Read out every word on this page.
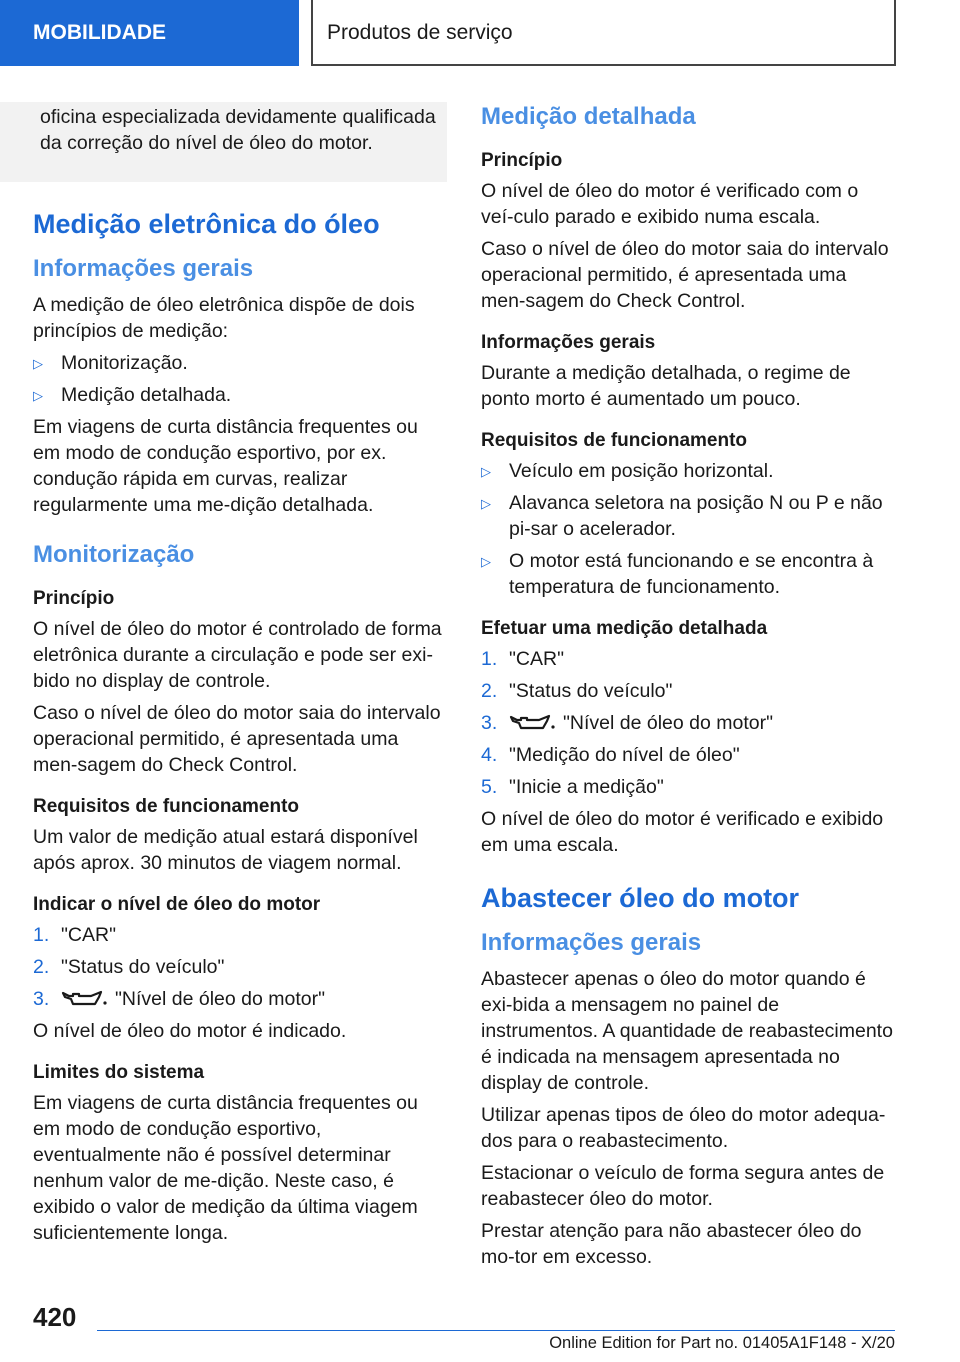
MOBILIDADE	Produtos de serviço

oficina especializada devidamente qualificada da correção do nível de óleo do motor.

Medição eletrônica do óleo
Informações gerais

A medição de óleo eletrônica dispõe de dois princípios de medição:

▷ Monitorização.
▷ Medição detalhada.

Em viagens de curta distância frequentes ou em modo de condução esportivo, por ex. condução rápida em curvas, realizar regularmente uma me‐dição detalhada.

Monitorização
Princípio

O nível de óleo do motor é controlado de forma eletrônica durante a circulação e pode ser exi‐bido no display de controle.

Caso o nível de óleo do motor saia do intervalo operacional permitido, é apresentada uma men‐sagem do Check Control.

Requisitos de funcionamento

Um valor de medição atual estará disponível após aprox. 30 minutos de viagem normal.

Indicar o nível de óleo do motor
1. "CAR"
2. "Status do veículo"
3.	"Nível de óleo do motor"

O nível de óleo do motor é indicado.

Limites do sistema

Em viagens de curta distância frequentes ou em modo de condução esportivo, eventualmente não é possível determinar nenhum valor de me‐dição. Neste caso, é exibido o valor de medição da última viagem suficientemente longa.

Medição detalhada
Princípio

O nível de óleo do motor é verificado com o veí‐culo parado e exibido numa escala.

Caso o nível de óleo do motor saia do intervalo operacional permitido, é apresentada uma men‐sagem do Check Control.

Informações gerais

Durante a medição detalhada, o regime de ponto morto é aumentado um pouco.

Requisitos de funcionamento
▷ Veículo em posição horizontal.
▷ Alavanca seletora na posição N ou P e não pi‐sar o acelerador.
▷ O motor está funcionando e se encontra à temperatura de funcionamento.
Efetuar uma medição detalhada
1. "CAR"
2. "Status do veículo"
3.	"Nível de óleo do motor"
4. "Medição do nível de óleo"
5. "Inicie a medição"

O nível de óleo do motor é verificado e exibido em uma escala.

Abastecer óleo do motor
Informações gerais

Abastecer apenas o óleo do motor quando é exi‐bida a mensagem no painel de instrumentos. A quantidade de reabastecimento é indicada na mensagem apresentada no display de controle.

Utilizar apenas tipos de óleo do motor adequa‐dos para o reabastecimento.

Estacionar o veículo de forma segura antes de reabastecer óleo do motor.

Prestar atenção para não abastecer óleo do mo‐tor em excesso.

420
Online Edition for Part no. 01405A1F148 - X/20
